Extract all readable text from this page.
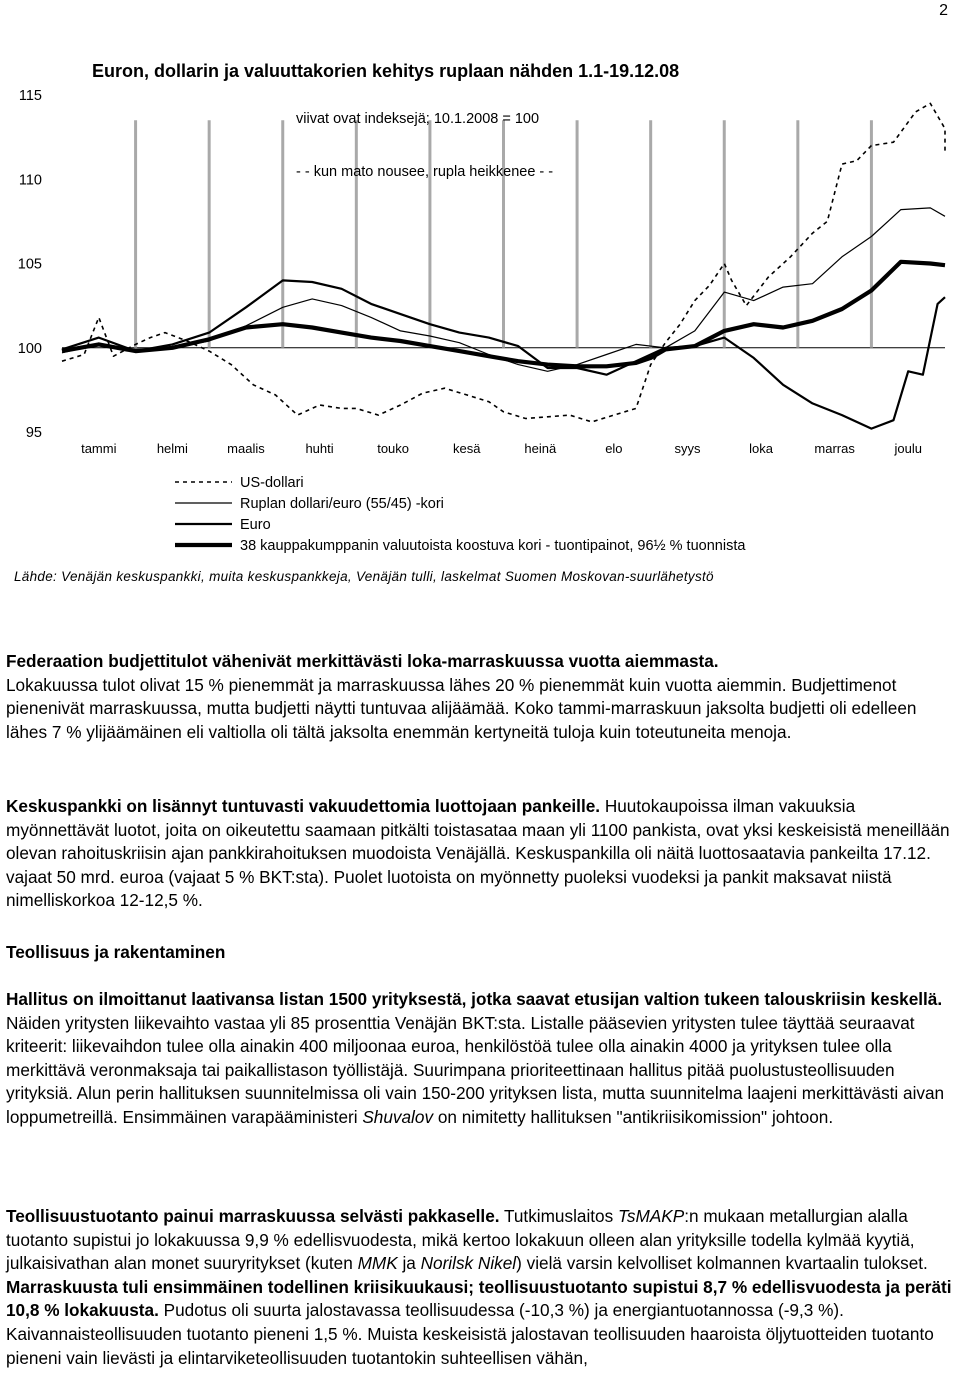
2
115
110
105
100
95
tammi	helmi	maalis	huhti	touko	kesä	heinä	elo	syys	loka	marras	joulu
Euron, dollarin ja valuuttakorien kehitys ruplaan nähden 1.1-19.12.08
viivat ovat indeksejä; 10.1.2008 = 100
- - kun mato nousee, rupla heikkenee - -
US-dollari
Ruplan dollari/euro (55/45) -kori
Euro
38 kauppakumppanin valuutoista koostuva kori - tuontipainot, 96½ % tuonnista
Lähde: Venäjän keskuspankki, muita keskuspankkeja, Venäjän tulli, laskelmat Suomen Moskovan-suurlähetystö

Federaation budjettitulot vähenivät merkittävästi loka-marraskuussa vuotta aiemmasta.
Lokakuussa tulot olivat 15 % pienemmät ja marraskuussa lähes 20 % pienemmät kuin vuotta aiemmin. Budjettimenot pienenivät marraskuussa, mutta budjetti näytti tuntuvaa alijäämää. Koko tammi-marraskuun jaksolta budjetti oli edelleen lähes 7 % ylijäämäinen eli valtiolla oli tältä jaksolta enemmän kertyneitä tuloja kuin toteutuneita menoja.

Keskuspankki on lisännyt tuntuvasti vakuudettomia luottojaan pankeille. Huutokaupoissa ilman vakuuksia myönnettävät luotot, joita on oikeutettu saamaan pitkälti toistasataa maan yli 1100 pankista, ovat yksi keskeisistä meneillään olevan rahoituskriisin ajan pankkirahoituksen muodoista Venäjällä. Keskuspankilla oli näitä luottosaatavia pankeilta 17.12. vajaat 50 mrd. euroa (vajaat 5 % BKT:sta). Puolet luotoista on myönnetty puoleksi vuodeksi ja pankit maksavat niistä nimelliskorkoa 12-12,5 %.

Teollisuus ja rakentaminen

Hallitus on ilmoittanut laativansa listan 1500 yrityksestä, jotka saavat etusijan valtion tukeen talouskriisin keskellä. Näiden yritysten liikevaihto vastaa yli 85 prosenttia Venäjän BKT:sta. Listalle pääsevien yritysten tulee täyttää seuraavat kriteerit: liikevaihdon tulee olla ainakin 400 miljoonaa euroa, henkilöstöä tulee olla ainakin 4000 ja yrityksen tulee olla merkittävä veronmaksaja tai paikallistason työllistäjä. Suurimpana prioriteettinaan hallitus pitää puolustusteollisuuden yrityksiä. Alun perin hallituksen suunnitelmissa oli vain 150-200 yrityksen lista, mutta suunnitelma laajeni merkittävästi aivan loppumetreillä. Ensimmäinen varapääministeri Shuvalov on nimitetty hallituksen "antikriisikomission" johtoon.

Teollisuustuotanto painui marraskuussa selvästi pakkaselle. Tutkimuslaitos TsMAKP:n mukaan metallurgian alalla tuotanto supistui jo lokakuussa 9,9 % edellisvuodesta, mikä kertoo lokakuun olleen alan yrityksille todella kylmää kyytiä, julkaisivathan alan monet suuryritykset (kuten MMK ja Norilsk Nikel) vielä varsin kelvolliset kolmannen kvartaalin tulokset. Marraskuusta tuli ensimmäinen todellinen kriisikuukausi; teollisuustuotanto supistui 8,7 % edellisvuodesta ja peräti 10,8 % lokakuusta. Pudotus oli suurta jalostavassa teollisuudessa (-10,3 %) ja energiantuotannossa (-9,3 %). Kaivannaisteollisuuden tuotanto pieneni 1,5 %. Muista keskeisistä jalostavan teollisuuden haaroista öljytuotteiden tuotanto pieneni vain lievästi ja elintarviketeollisuuden tuotantokin suhteellisen vähän,
